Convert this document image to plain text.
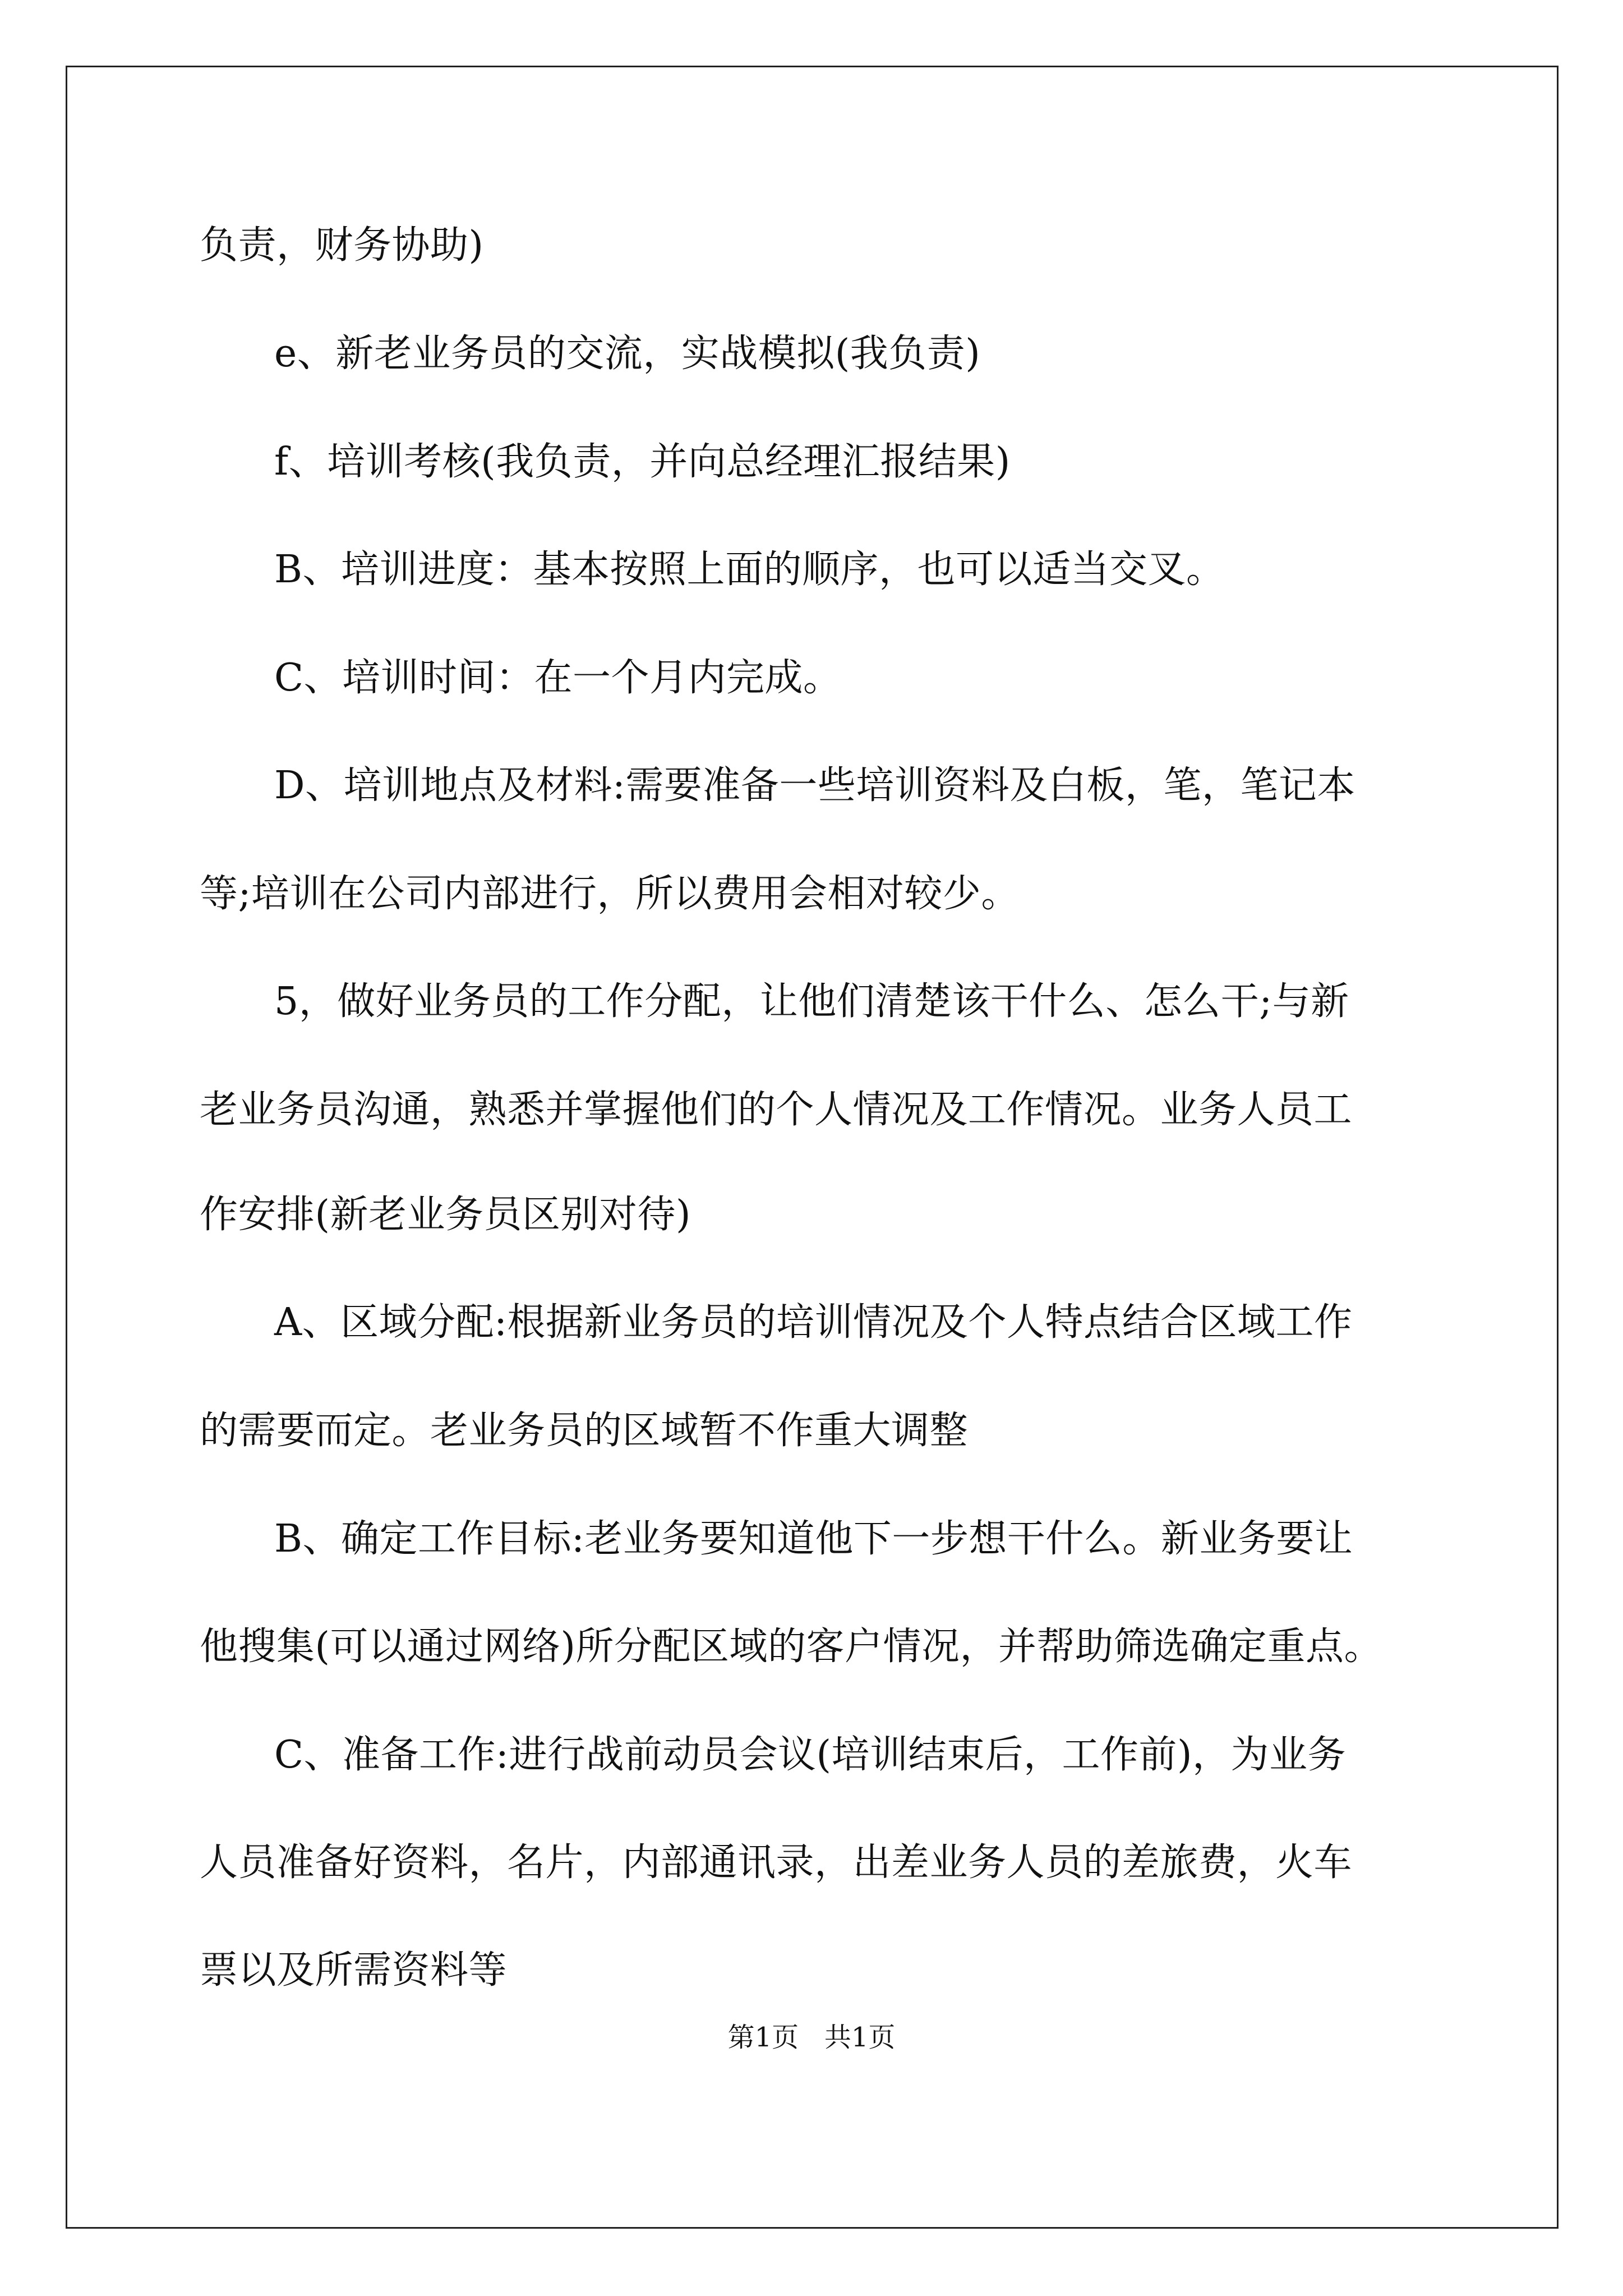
负责，财务协助)
e、新老业务员的交流，实战模拟(我负责)
f、培训考核(我负责，并向总经理汇报结果)
B、培训进度：基本按照上面的顺序，也可以适当交叉。
C、培训时间：在一个月内完成。
D、培训地点及材料:需要准备一些培训资料及白板，笔，笔记本
等;培训在公司内部进行，所以费用会相对较少。
5，做好业务员的工作分配，让他们清楚该干什么、怎么干;与新
老业务员沟通，熟悉并掌握他们的个人情况及工作情况。业务人员工
作安排(新老业务员区别对待)
A、区域分配:根据新业务员的培训情况及个人特点结合区域工作
的需要而定。老业务员的区域暂不作重大调整
B、确定工作目标:老业务要知道他下一步想干什么。新业务要让
他搜集(可以通过网络)所分配区域的客户情况，并帮助筛选确定重点。
C、准备工作:进行战前动员会议(培训结束后，工作前)，为业务
人员准备好资料，名片，内部通讯录，出差业务人员的差旅费，火车
票以及所需资料等
第1页   共1页
